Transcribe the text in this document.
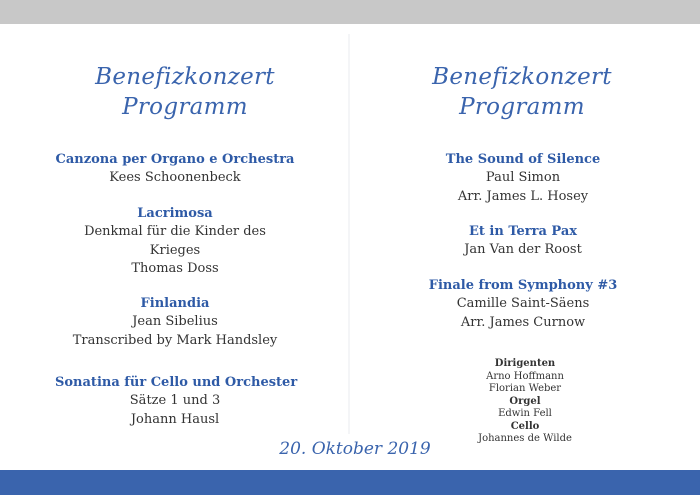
Benefizkonzert
Programm
Benefizkonzert
Programm
Canzona per Organo e Orchestra
Kees Schoonenbeck
Lacrimosa
Denkmal für die Kinder des
Krieges
Thomas Doss
Finlandia
Jean Sibelius
Transcribed by Mark Handsley
Sonatina für Cello und Orchester
Sätze 1 und 3
Johann Hausl
The Sound of Silence
Paul Simon
Arr. James L. Hosey
Et in Terra Pax
Jan Van der Roost
Finale from Symphony #3
Camille Saint-Säens
Arr. James Curnow
Dirigenten
Arno Hoffmann
Florian Weber
Orgel
Edwin Fell
Cello
Johannes de Wilde
20. Oktober 2019
